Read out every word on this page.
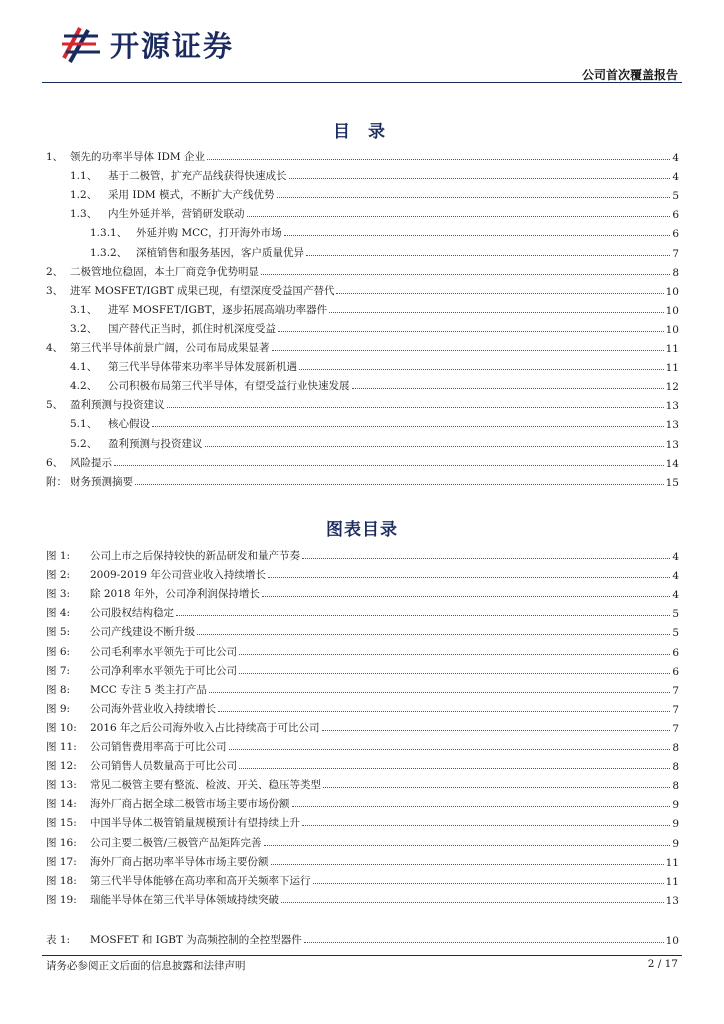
开源证券
公司首次覆盖报告
目 录
1、 领先的功率半导体 IDM 企业	4
1.1、	基于二极管，扩充产品线获得快速成长	4
1.2、	采用 IDM 模式，不断扩大产线优势	5
1.3、	内生外延并举，营销研发联动	6
1.3.1、 外延并购 MCC，打开海外市场	6
1.3.2、 深植销售和服务基因，客户质量优异	7
2、 二极管地位稳固，本土厂商竞争优势明显	8
3、 进军 MOSFET/IGBT 成果已现，有望深度受益国产替代	10
3.1、	进军 MOSFET/IGBT，逐步拓展高端功率器件	10
3.2、	国产替代正当时，抓住时机深度受益	10
4、 第三代半导体前景广阔，公司布局成果显著	11
4.1、	第三代半导体带来功率半导体发展新机遇	11
4.2、	公司积极布局第三代半导体，有望受益行业快速发展	12
5、 盈利预测与投资建议	13
5.1、	核心假设	13
5.2、	盈利预测与投资建议	13
6、 风险提示	14
附： 财务预测摘要	15
图表目录
图 1:	公司上市之后保持较快的新品研发和量产节奏	4
图 2:	2009-2019 年公司营业收入持续增长	4
图 3:	除 2018 年外，公司净利润保持增长	4
图 4:	公司股权结构稳定	5
图 5:	公司产线建设不断升级	5
图 6:	公司毛利率水平领先于可比公司	6
图 7:	公司净利率水平领先于可比公司	6
图 8:	MCC 专注 5 类主打产品	7
图 9:	公司海外营业收入持续增长	7
图 10:	2016 年之后公司海外收入占比持续高于可比公司	7
图 11:	公司销售费用率高于可比公司	8
图 12:	公司销售人员数量高于可比公司	8
图 13:	常见二极管主要有整流、检波、开关、稳压等类型	8
图 14:	海外厂商占据全球二极管市场主要市场份额	9
图 15:	中国半导体二极管销量规模预计有望持续上升	9
图 16:	公司主要二极管/三极管产品矩阵完善	9
图 17:	海外厂商占据功率半导体市场主要份额	11
图 18:	第三代半导体能够在高功率和高开关频率下运行	11
图 19:	瑞能半导体在第三代半导体领域持续突破	13
表 1:	MOSFET 和 IGBT 为高频控制的全控型器件	10
请务必参阅正文后面的信息披露和法律声明	2 / 17
